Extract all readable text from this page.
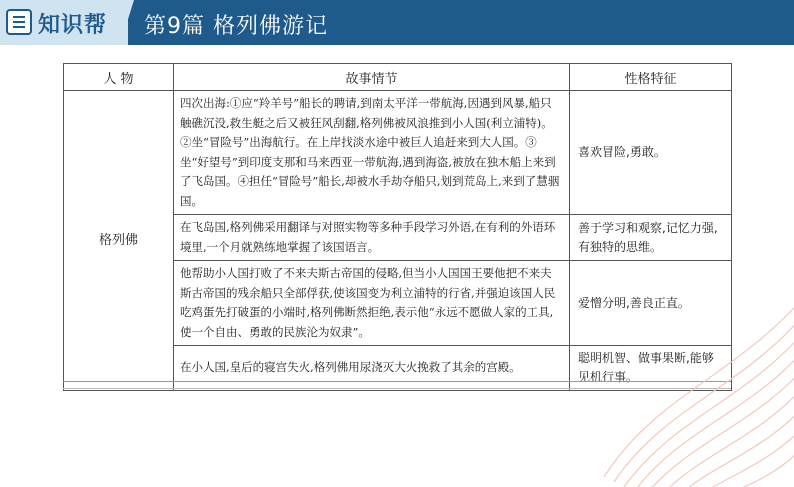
知识帮 第9篇 格列佛游记
人 物	故事情节	性格特征
格列佛	四次出海:①应“羚羊号”船长的聘请,到南太平洋一带航海,因遇到风暴,船只触礁沉没,救生艇之后又被狂风刮翻,格列佛被风浪推到小人国(利立浦特)。②坐“冒险号”出海航行。在上岸找淡水途中被巨人追赶来到大人国。③坐“好望号”到印度支那和马来西亚一带航海,遇到海盗,被放在独木船上来到了飞岛国。④担任“冒险号”船长,却被水手劫夺船只,划到荒岛上,来到了慧骃国。	喜欢冒险,勇敢。
	在飞岛国,格列佛采用翻译与对照实物等多种手段学习外语,在有利的外语环境里,一个月就熟练地掌握了该国语言。	善于学习和观察,记忆力强,有独特的思维。
	他帮助小人国打败了不来夫斯古帝国的侵略,但当小人国国王要他把不来夫斯古帝国的残余船只全部俘获,使该国变为利立浦特的行省,并强迫该国人民吃鸡蛋先打破蛋的小端时,格列佛断然拒绝,表示他“永远不愿做人家的工具,使一个自由、勇敢的民族沦为奴隶”。	爱憎分明,善良正直。
	在小人国,皇后的寝宫失火,格列佛用尿浇灭大火挽救了其余的宫殿。	聪明机智、做事果断,能够见机行事。
